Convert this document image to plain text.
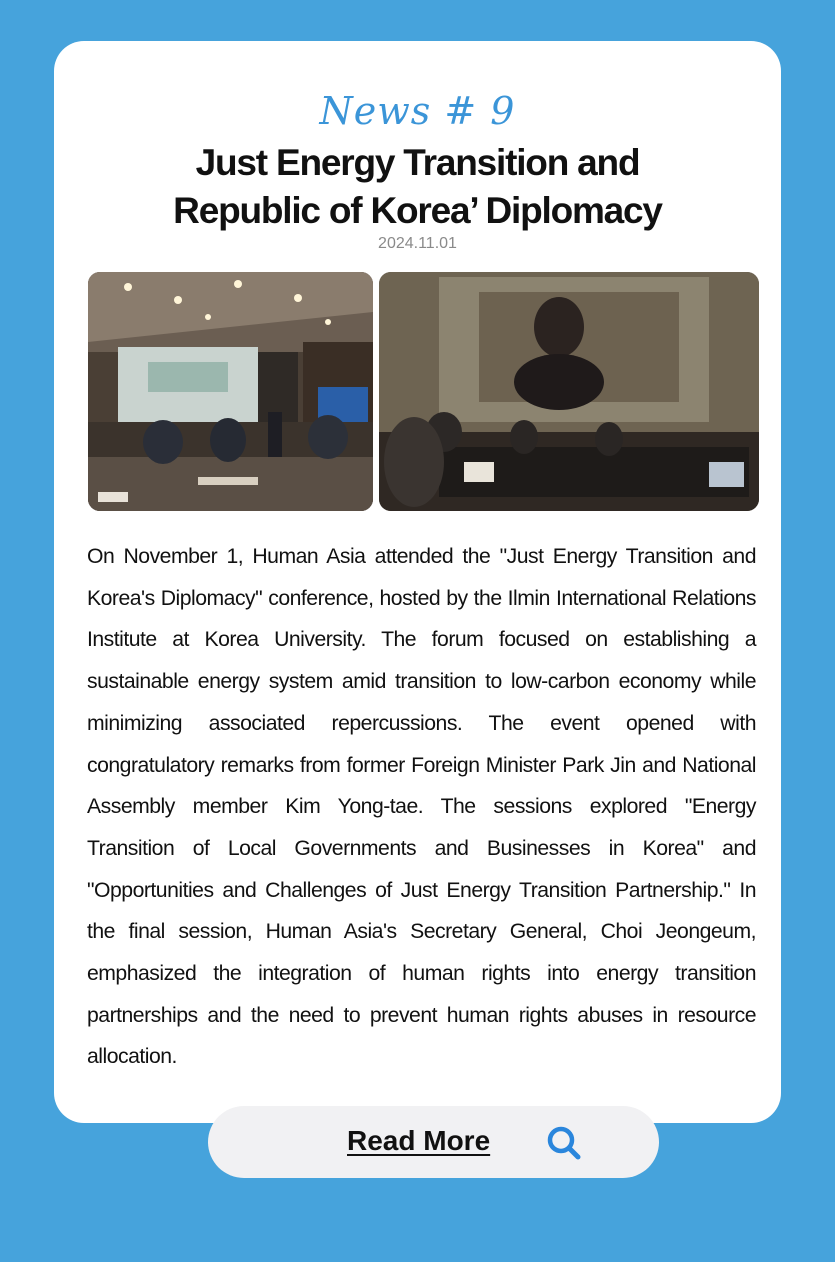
News # 9
Just Energy Transition and
Republic of Korea’ Diplomacy
2024.11.01
On November 1, Human Asia attended the "Just Energy Transition and Korea's Diplomacy" conference, hosted by the Ilmin International Relations Institute at Korea University. The forum focused on establishing a sustainable energy system amid transition to low-carbon economy while minimizing associated repercussions. The event opened with congratulatory remarks from former Foreign Minister Park Jin and National Assembly member Kim Yong-tae. The sessions explored "Energy Transition of Local Governments and Businesses in Korea" and "Opportunities and Challenges of Just Energy Transition Partnership." In the final session, Human Asia's Secretary General, Choi Jeongeum, emphasized the integration of human rights into energy transition partnerships and the need to prevent human rights abuses in resource allocation.
Read More
